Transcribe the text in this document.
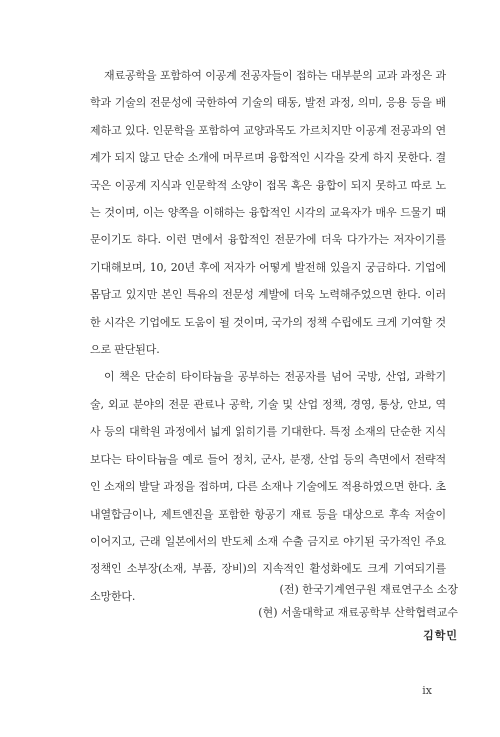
재료공학을 포함하여 이공계 전공자들이 접하는 대부분의 교과 과정은 과학과 기술의 전문성에 국한하여 기술의 태동, 발전 과정, 의미, 응용 등을 배제하고 있다. 인문학을 포함하여 교양과목도 가르치지만 이공계 전공과의 연계가 되지 않고 단순 소개에 머무르며 융합적인 시각을 갖게 하지 못한다. 결국은 이공계 지식과 인문학적 소양이 접목 혹은 융합이 되지 못하고 따로 노는 것이며, 이는 양쪽을 이해하는 융합적인 시각의 교육자가 매우 드물기 때문이기도 하다. 이런 면에서 융합적인 전문가에 더욱 다가가는 저자이기를 기대해보며, 10, 20년 후에 저자가 어떻게 발전해 있을지 궁금하다. 기업에 몸담고 있지만 본인 특유의 전문성 계발에 더욱 노력해주었으면 한다. 이러한 시각은 기업에도 도움이 될 것이며, 국가의 정책 수립에도 크게 기여할 것으로 판단된다.

이 책은 단순히 타이타늄을 공부하는 전공자를 넘어 국방, 산업, 과학기술, 외교 분야의 전문 관료나 공학, 기술 및 산업 정책, 경영, 통상, 안보, 역사 등의 대학원 과정에서 넓게 읽히기를 기대한다. 특정 소재의 단순한 지식보다는 타이타늄을 예로 들어 정치, 군사, 분쟁, 산업 등의 측면에서 전략적인 소재의 발달 과정을 접하며, 다른 소재나 기술에도 적용하였으면 한다. 초내열합금이나, 제트엔진을 포함한 항공기 재료 등을 대상으로 후속 저술이 이어지고, 근래 일본에서의 반도체 소재 수출 금지로 야기된 국가적인 주요 정책인 소부장(소재, 부품, 장비)의 지속적인 활성화에도 크게 기여되기를 소망한다.

(전) 한국기계연구원 재료연구소 소장
(현) 서울대학교 재료공학부 산학협력교수
김학민
ix
